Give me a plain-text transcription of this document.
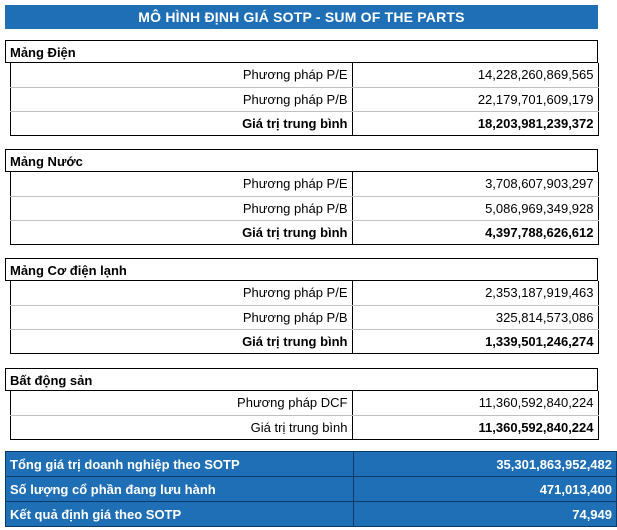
MÔ HÌNH ĐỊNH GIÁ SOTP - SUM OF THE PARTS
Mảng Điện
	Phương pháp P/E	14,228,260,869,565
	Phương pháp P/B	22,179,701,609,179
	Giá trị trung bình	18,203,981,239,372
Mảng Nước
	Phương pháp P/E	3,708,607,903,297
	Phương pháp P/B	5,086,969,349,928
	Giá trị trung bình	4,397,788,626,612
Mảng Cơ điện lạnh
	Phương pháp P/E	2,353,187,919,463
	Phương pháp P/B	325,814,573,086
	Giá trị trung bình	1,339,501,246,274
Bất động sản
	Phương pháp DCF	11,360,592,840,224
	Giá trị trung bình	11,360,592,840,224
Tổng giá trị doanh nghiệp theo SOTP	35,301,863,952,482
Số lượng cổ phần đang lưu hành	471,013,400
Kết quả định giá theo SOTP	74,949
